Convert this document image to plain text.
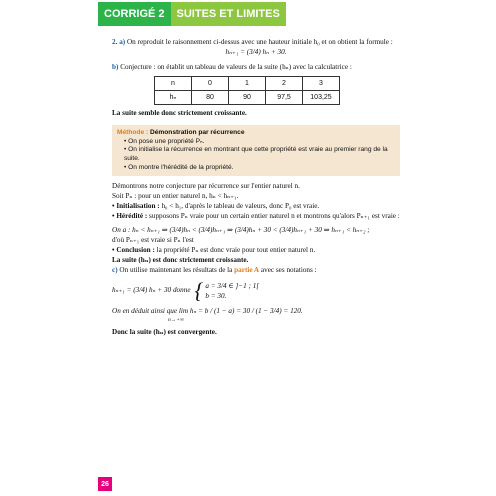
CORRIGÉ 2	SUITES ET LIMITES

2. a) On reproduit le raisonnement ci-dessus avec une hauteur initiale h₀ et on obtient la formule :

hₙ₊₁ = (3/4) hₙ + 30.

b) Conjecture : on établit un tableau de valeurs de la suite (hₙ) avec la calculatrice :

n	0	1	2	3
hₙ	80	90	97,5	103,25

La suite semble donc strictement croissante.

Méthode : Démonstration par récurrence
• On pose une propriété Pₙ.
• On initialise la récurrence en montrant que cette propriété est vraie au premier rang de la suite.
• On montre l'hérédité de la propriété.

Démontrons notre conjecture par récurrence sur l'entier naturel n.

Soit Pₙ : pour un entier naturel n, hₙ < hₙ₊₁.

• Initialisation : h₀ < h₁, d'après le tableau de valeurs, donc P₀ est vraie.

• Hérédité : supposons Pₙ vraie pour un certain entier naturel n et montrons qu'alors Pₙ₊₁ est vraie :

On a : hₙ < hₙ₊₁ ⇒ (3/4)hₙ < (3/4)hₙ₊₁ ⇒ (3/4)hₙ + 30 < (3/4)hₙ₊₁ + 30 ⇒ hₙ₊₁ < hₙ₊₂ ;

d'où Pₙ₊₁ est vraie si Pₙ l'est

• Conclusion : la propriété Pₙ est donc vraie pour tout entier naturel n.

La suite (hₙ) est donc strictement croissante.

c) On utilise maintenant les résultats de la partie A avec ses notations :

hₙ₊₁ = (3/4) hₙ + 30 donne { a = 3/4 ∈ ]−1 ; 1[
b = 30.

On en déduit ainsi que lim hₙ = b / (1 − a) = 30 / (1 − 3/4) = 120.

n→+∞

Donc la suite (hₙ) est convergente.

26
